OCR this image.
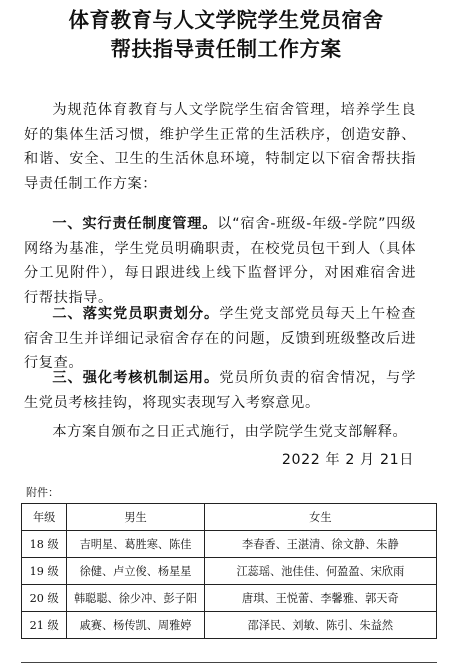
体育教育与人文学院学生党员宿舍
帮扶指导责任制工作方案
为规范体育教育与人文学院学生宿舍管理，培养学生良好的集体生活习惯，维护学生正常的生活秩序，创造安静、和谐、安全、卫生的生活休息环境，特制定以下宿舍帮扶指导责任制工作方案：
一、实行责任制度管理。以“宿舍-班级-年级-学院”四级网络为基准，学生党员明确职责，在校党员包干到人（具体分工见附件），每日跟进线上线下监督评分，对困难宿舍进行帮扶指导。
二、落实党员职责划分。学生党支部党员每天上午检查宿舍卫生并详细记录宿舍存在的问题，反馈到班级整改后进行复查。
三、强化考核机制运用。党员所负责的宿舍情况，与学生党员考核挂钩，将现实表现写入考察意见。
本方案自颁布之日正式施行，由学院学生党支部解释。
2022 年 2 月 21日
附件：
年级	男生	女生
18 级	吉明星、葛胜寒、陈佳	李春香、王湛清、徐文静、朱静
19 级	徐健、卢立俊、杨星星	江蕊瑶、池佳佳、何盈盈、宋欣雨
20 级	韩聪聪、徐少冲、彭子阳	唐琪、王悦蕾、李馨雅、郭天奇
21 级	戚赛、杨传凯、周雅婷	邵泽民、刘敏、陈引、朱益然
